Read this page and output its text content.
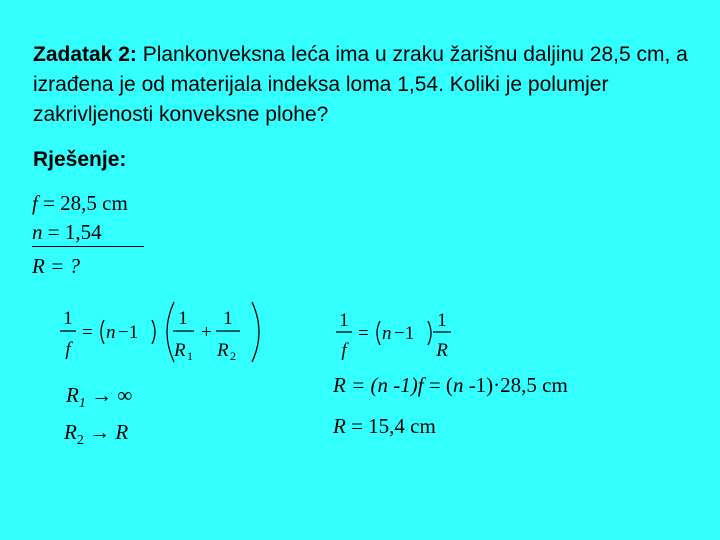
Zadatak 2: Plankonveksna leća ima u zraku žarišnu daljinu 28,5 cm, a izrađena je od materijala indeksa loma 1,54. Koliki je polumjer zakrivljenosti konveksne plohe?
Rješenje:
f = 28,5 cm
n = 1,54
R = ?
1
f
= n −1
1
R 1
+
1
R 2
1
f
= n −1
1
R
$R_1$ → ∞
$R_2 \to R$
R = (n -1)f = (n -1)·28,5 cm
R = 15,4 cm
